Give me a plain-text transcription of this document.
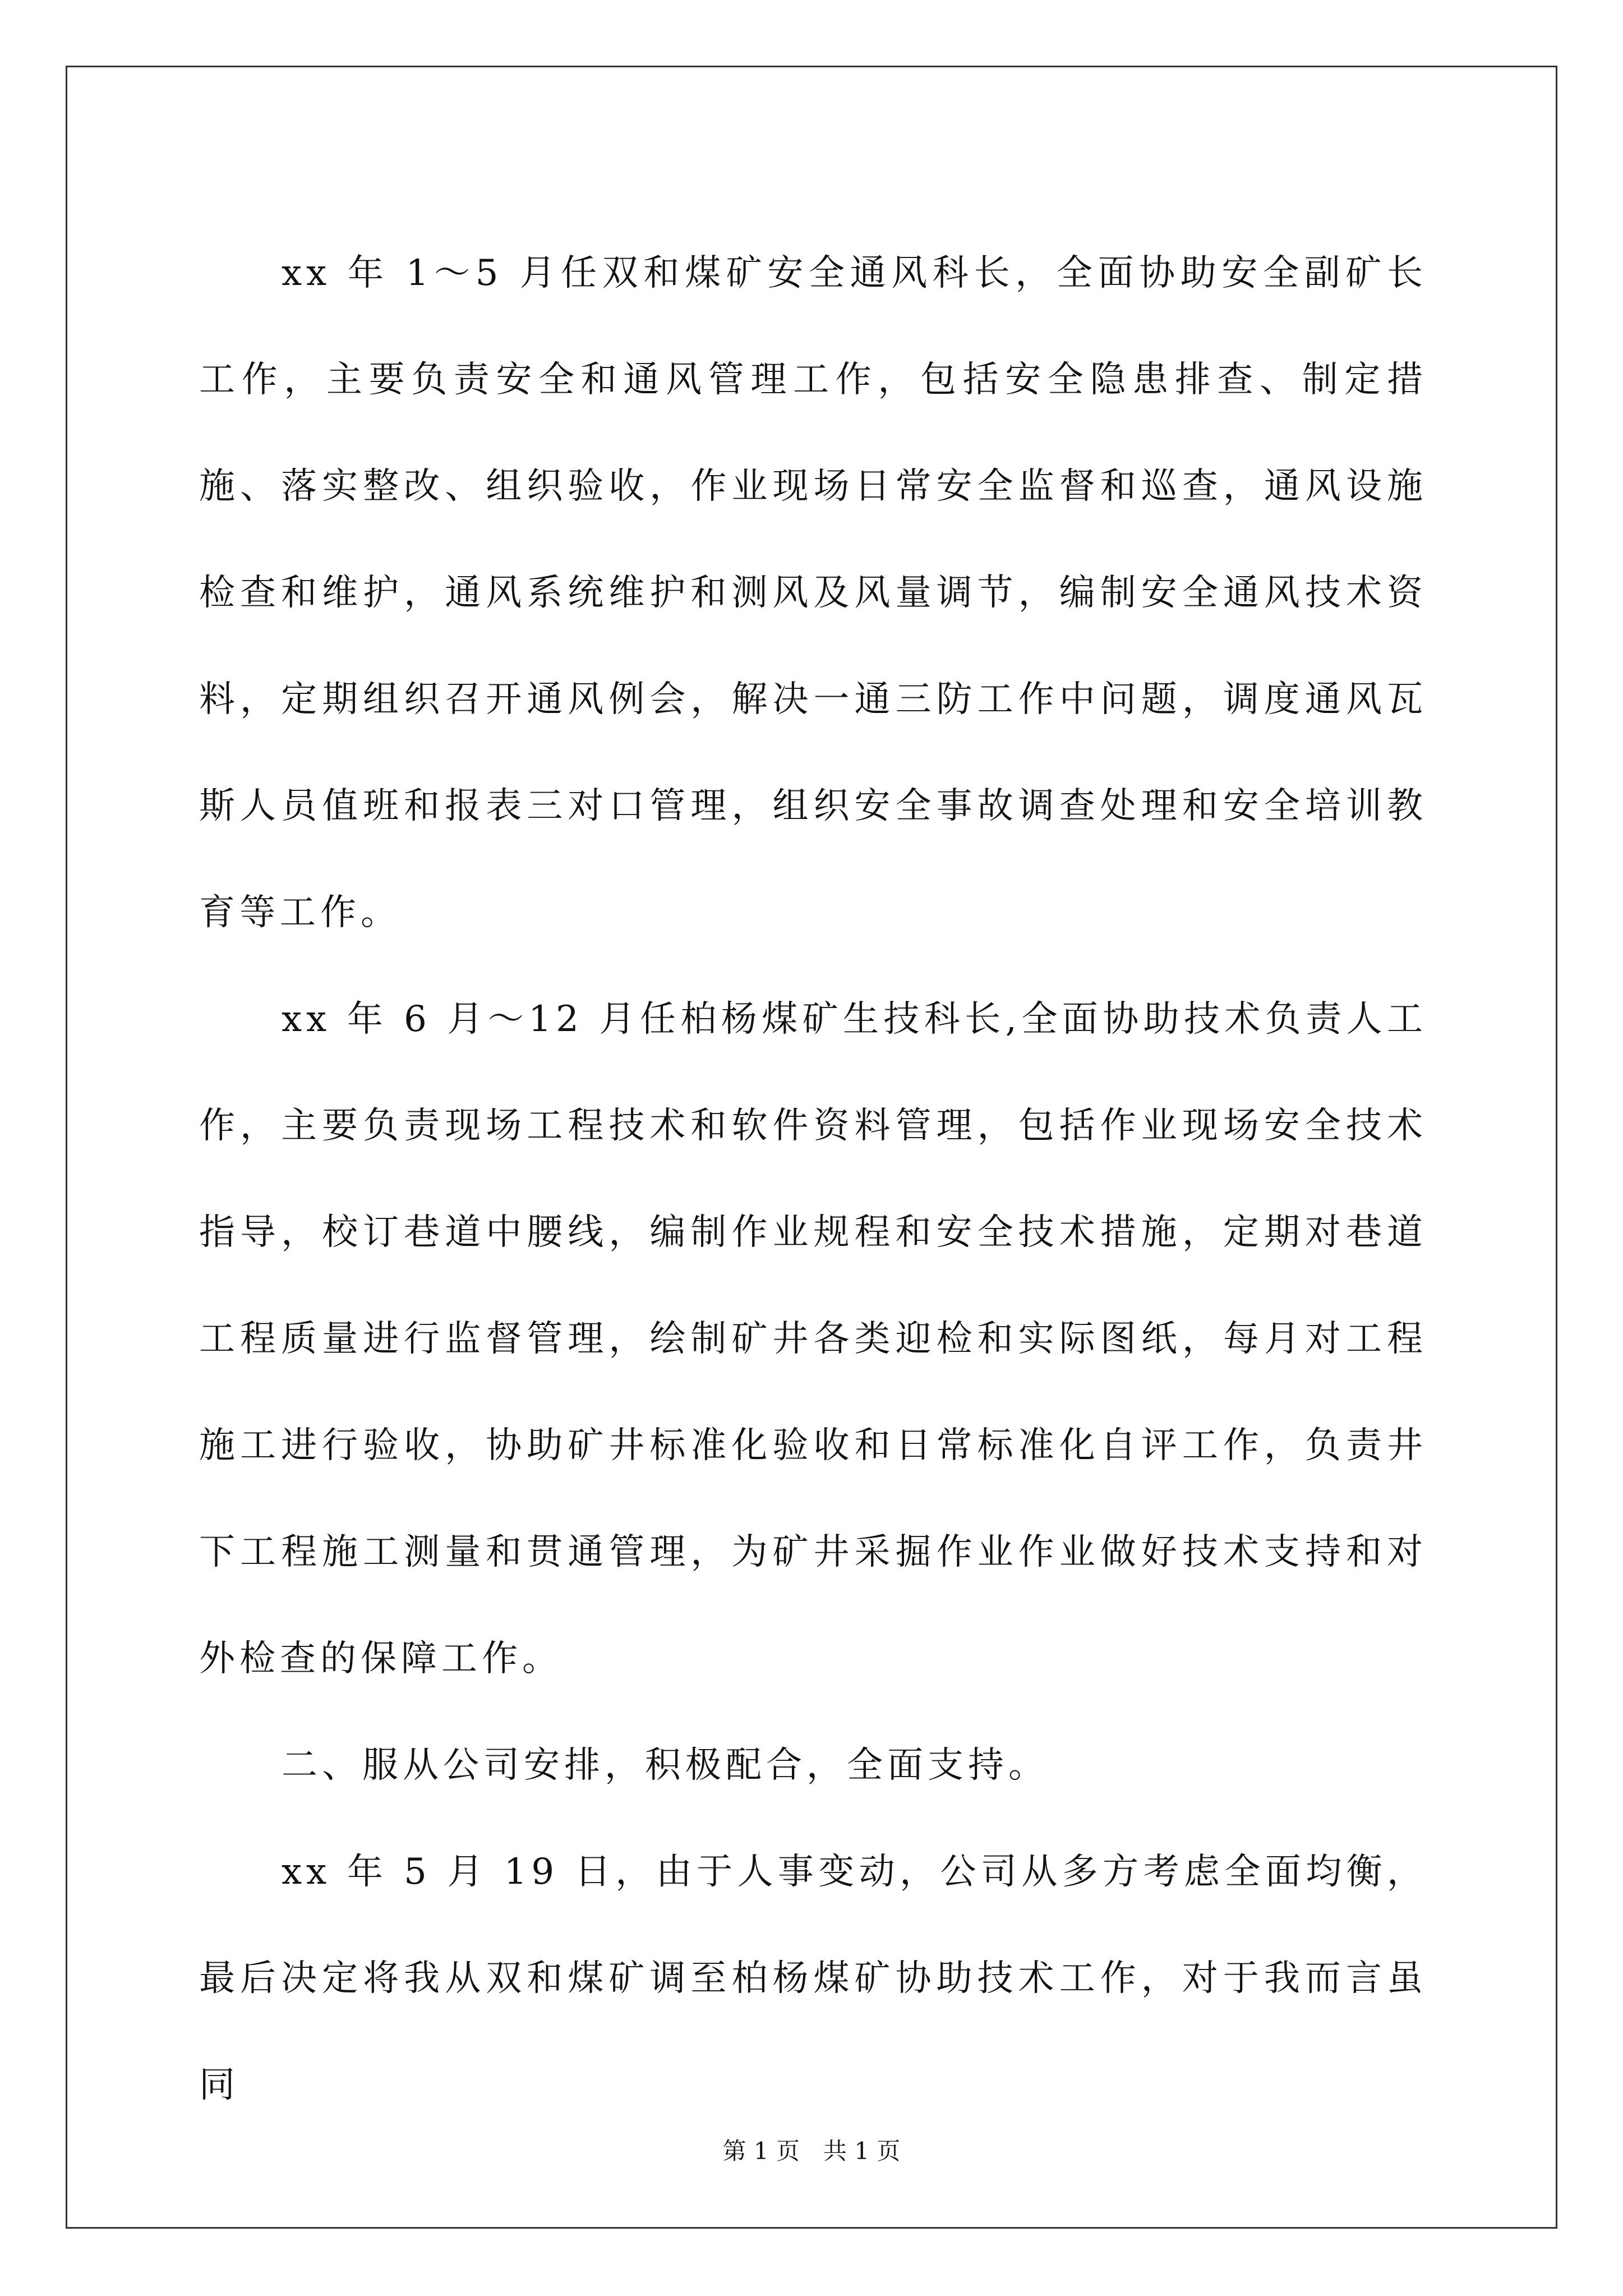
xx 年 1～5 月任双和煤矿安全通风科长，全面协助安全副矿长工作，主要负责安全和通风管理工作，包括安全隐患排查、制定措施、落实整改、组织验收，作业现场日常安全监督和巡查，通风设施检查和维护，通风系统维护和测风及风量调节，编制安全通风技术资料，定期组织召开通风例会，解决一通三防工作中问题，调度通风瓦斯人员值班和报表三对口管理，组织安全事故调查处理和安全培训教育等工作。

xx 年 6 月～12 月任柏杨煤矿生技科长,全面协助技术负责人工作，主要负责现场工程技术和软件资料管理，包括作业现场安全技术指导，校订巷道中腰线，编制作业规程和安全技术措施，定期对巷道工程质量进行监督管理，绘制矿井各类迎检和实际图纸，每月对工程施工进行验收，协助矿井标准化验收和日常标准化自评工作，负责井下工程施工测量和贯通管理，为矿井采掘作业作业做好技术支持和对外检查的保障工作。

二、服从公司安排，积极配合，全面支持。

xx 年 5 月 19 日，由于人事变动，公司从多方考虑全面均衡，最后决定将我从双和煤矿调至柏杨煤矿协助技术工作，对于我而言虽同

第 1 页　共 1 页
